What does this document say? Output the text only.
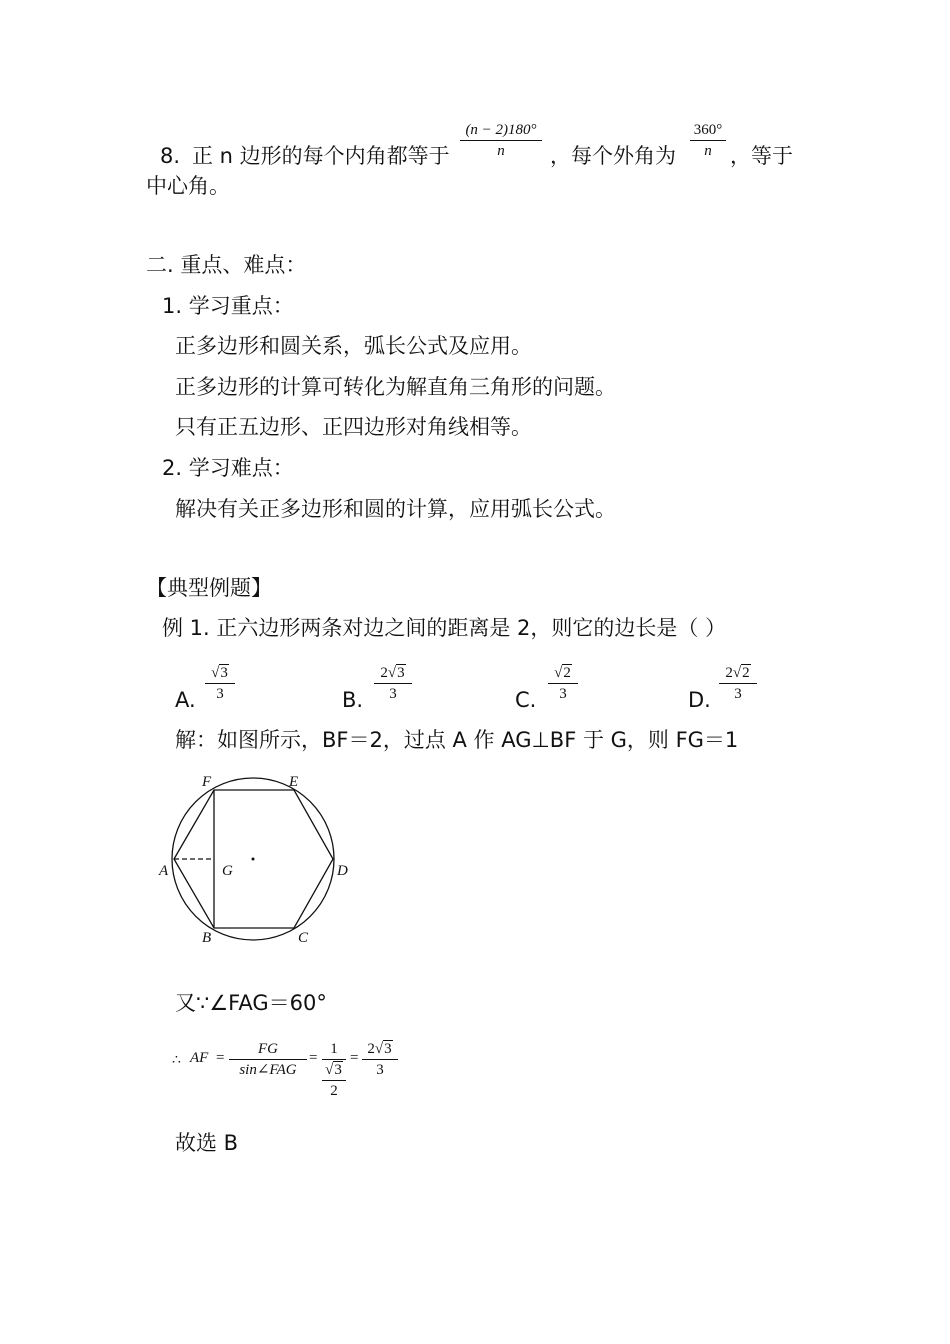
8. 正 n 边形的每个内角都等于
(n − 2)180°
n	，每个外角为
360°
n ，等于
中心角。
二. 重点、难点：
1. 学习重点：
正多边形和圆关系，弧长公式及应用。
正多边形的计算可转化为解直角三角形的问题。
只有正五边形、正四边形对角线相等。
2. 学习难点：
解决有关正多边形和圆的计算，应用弧长公式。
【典型例题】
例 1. 正六边形两条对边之间的距离是 2，则它的边长是（ ）
A.
√3
3	B.
2√3
3	C.
√2
3	D.
2√2
3
解：如图所示，BF＝2，过点 A 作 AG⊥BF 于 G，则 FG＝1
F	E
A	G	D
B	C
又∵∠FAG＝60°
∴ AF =
FG
sin∠FAG
=
1
√3
2
=
2√3
3
故选 B
